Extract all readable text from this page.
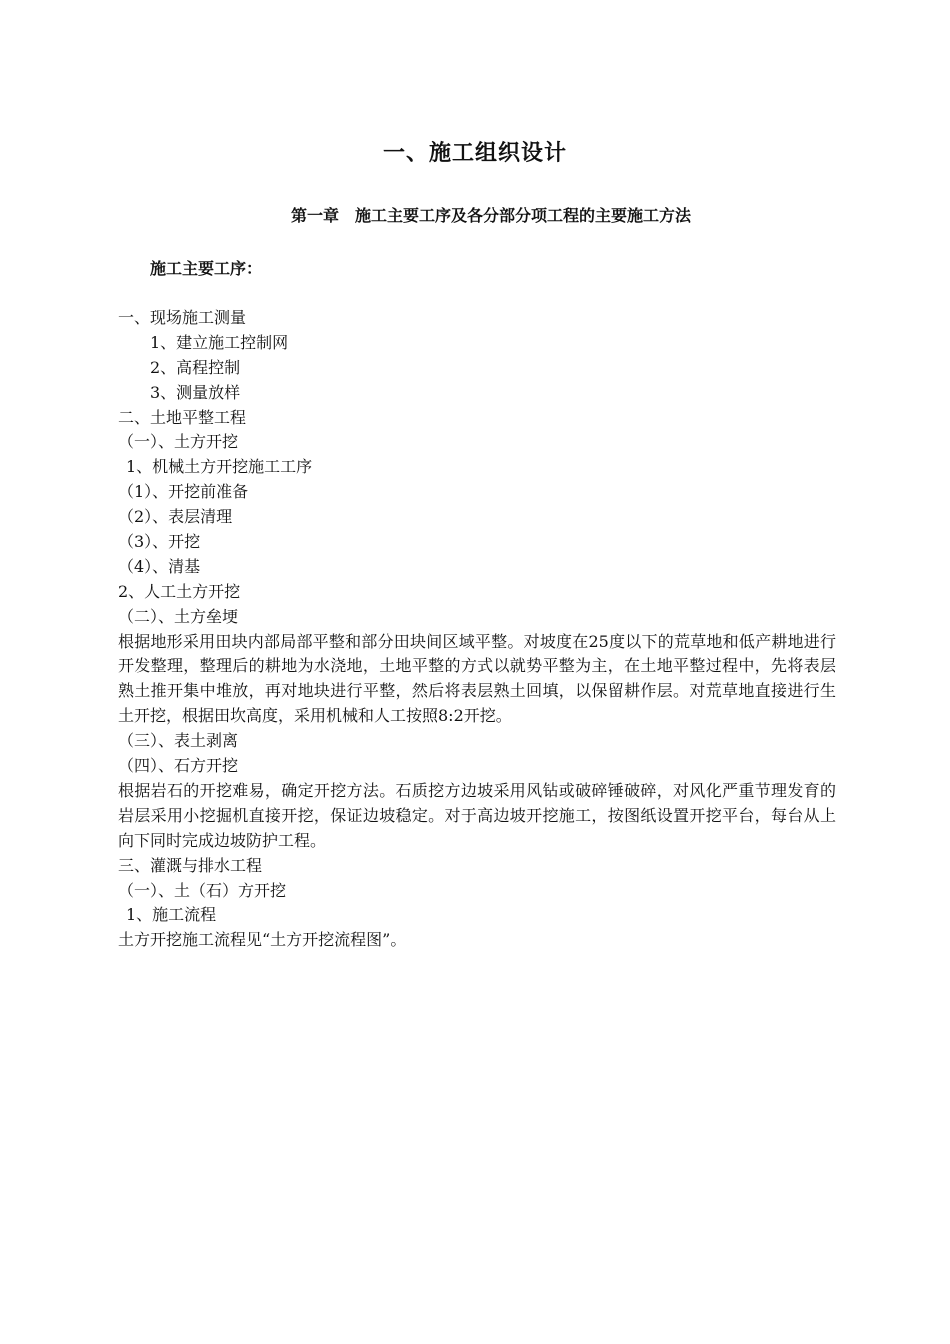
一、施工组织设计
第一章　施工主要工序及各分部分项工程的主要施工方法
施工主要工序：
一、现场施工测量
1、建立施工控制网
2、高程控制
3、测量放样
二、土地平整工程
（一）、土方开挖
1、机械土方开挖施工工序
（1）、开挖前准备
（2）、表层清理
（3）、开挖
（4）、清基
2、人工土方开挖
（二）、土方垒埂
根据地形采用田块内部局部平整和部分田块间区域平整。对坡度在25度以下的荒草地和低产耕地进行开发整理，整理后的耕地为水浇地，土地平整的方式以就势平整为主，在土地平整过程中，先将表层熟土推开集中堆放，再对地块进行平整，然后将表层熟土回填，以保留耕作层。对荒草地直接进行生土开挖，根据田坎高度，采用机械和人工按照8:2开挖。
（三）、表土剥离
（四）、石方开挖
根据岩石的开挖难易，确定开挖方法。石质挖方边坡采用风钻或破碎锤破碎，对风化严重节理发育的岩层采用小挖掘机直接开挖，保证边坡稳定。对于高边坡开挖施工，按图纸设置开挖平台，每台从上向下同时完成边坡防护工程。
三、灌溉与排水工程
（一）、土（石）方开挖
1、施工流程
土方开挖施工流程见“土方开挖流程图”。
